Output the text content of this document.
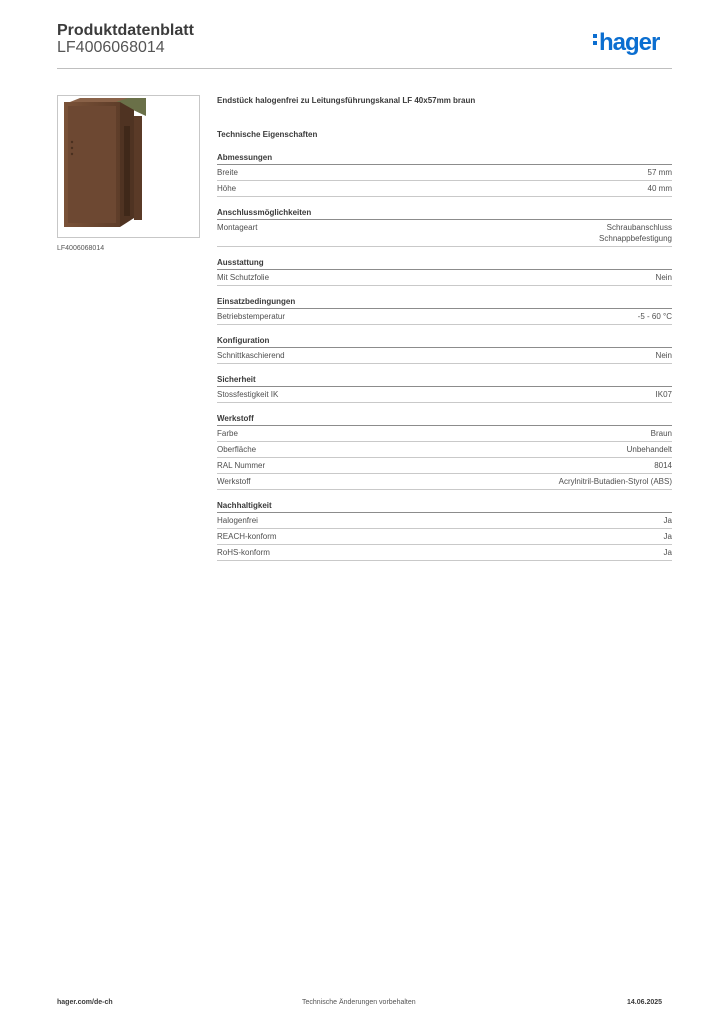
Produktdatenblatt
LF4006068014	hager
LF4006068014
Endstück halogenfrei zu Leitungsführungskanal LF 40x57mm braun
Technische Eigenschaften
Abmessungen
Breite	57 mm
Höhe	40 mm
Anschlussmöglichkeiten
Montageart	Schraubanschluss
Schnappbefestigung
Ausstattung
Mit Schutzfolie	Nein
Einsatzbedingungen
Betriebstemperatur	-5 - 60 °C
Konfiguration
Schnittkaschierend	Nein
Sicherheit
Stossfestigkeit IK	IK07
Werkstoff
Farbe	Braun
Oberfläche	Unbehandelt
RAL Nummer	8014
Werkstoff	Acrylnitril-Butadien-Styrol (ABS)
Nachhaltigkeit
Halogenfrei	Ja
REACH-konform	Ja
RoHS-konform	Ja
hager.com/de-ch	Technische Änderungen vorbehalten	14.06.2025
